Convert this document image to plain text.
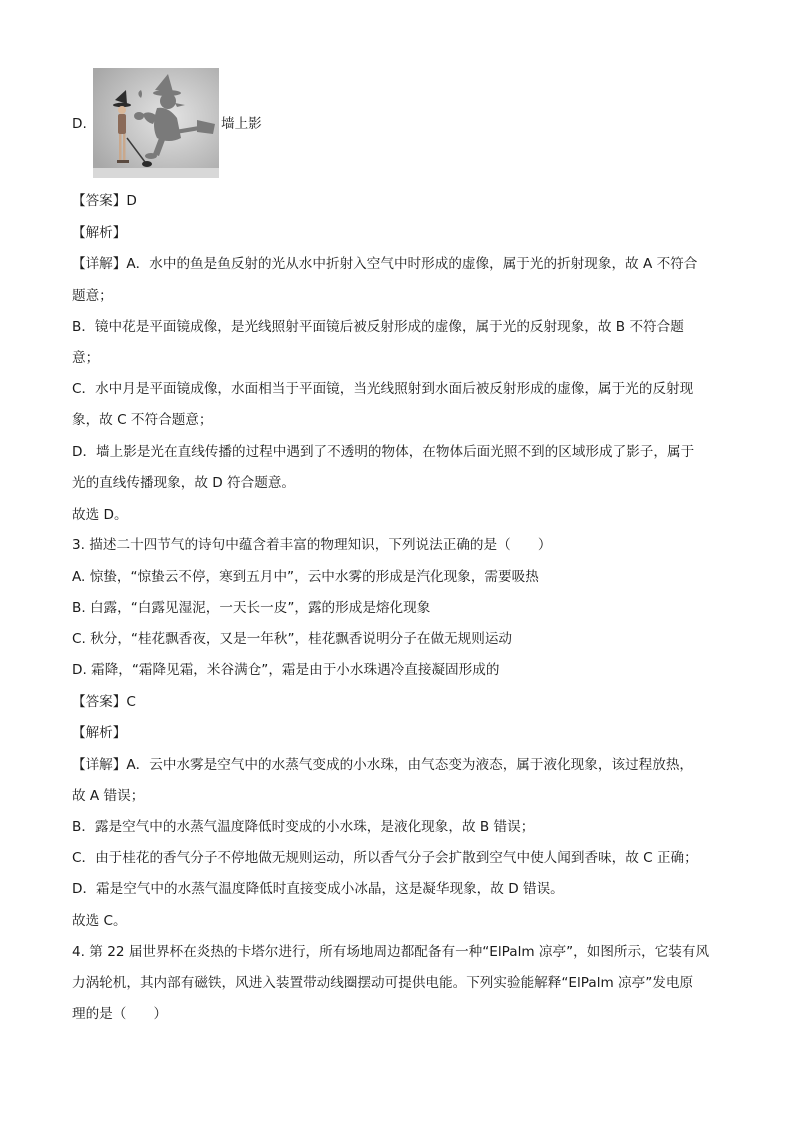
D.	墙上影
【答案】D
【解析】
【详解】A．水中的鱼是鱼反射的光从水中折射入空气中时形成的虚像，属于光的折射现象，故 A 不符合
题意；
B．镜中花是平面镜成像，是光线照射平面镜后被反射形成的虚像，属于光的反射现象，故 B 不符合题
意；
C．水中月是平面镜成像，水面相当于平面镜，当光线照射到水面后被反射形成的虚像，属于光的反射现
象，故 C 不符合题意；
D．墙上影是光在直线传播的过程中遇到了不透明的物体，在物体后面光照不到的区域形成了影子，属于
光的直线传播现象，故 D 符合题意。
故选 D。
3. 描述二十四节气的诗句中蕴含着丰富的物理知识，下列说法正确的是（　　）
A. 惊蛰，“惊蛰云不停，寒到五月中”，云中水雾的形成是汽化现象，需要吸热
B. 白露，“白露见湿泥，一天长一皮”，露的形成是熔化现象
C. 秋分，“桂花飘香夜，又是一年秋”，桂花飘香说明分子在做无规则运动
D. 霜降，“霜降见霜，米谷满仓”，霜是由于小水珠遇冷直接凝固形成的
【答案】C
【解析】
【详解】A．云中水雾是空气中的水蒸气变成的小水珠，由气态变为液态，属于液化现象，该过程放热，
故 A 错误；
B．露是空气中的水蒸气温度降低时变成的小水珠，是液化现象，故 B 错误；
C．由于桂花的香气分子不停地做无规则运动，所以香气分子会扩散到空气中使人闻到香味，故 C 正确；
D．霜是空气中的水蒸气温度降低时直接变成小冰晶，这是凝华现象，故 D 错误。
故选 C。
4. 第 22 届世界杯在炎热的卡塔尔进行，所有场地周边都配备有一种“ElPalm 凉亭”，如图所示，它装有风
力涡轮机，其内部有磁铁，风进入装置带动线圈摆动可提供电能。下列实验能解释“ElPalm 凉亭”发电原
理的是（　　）
